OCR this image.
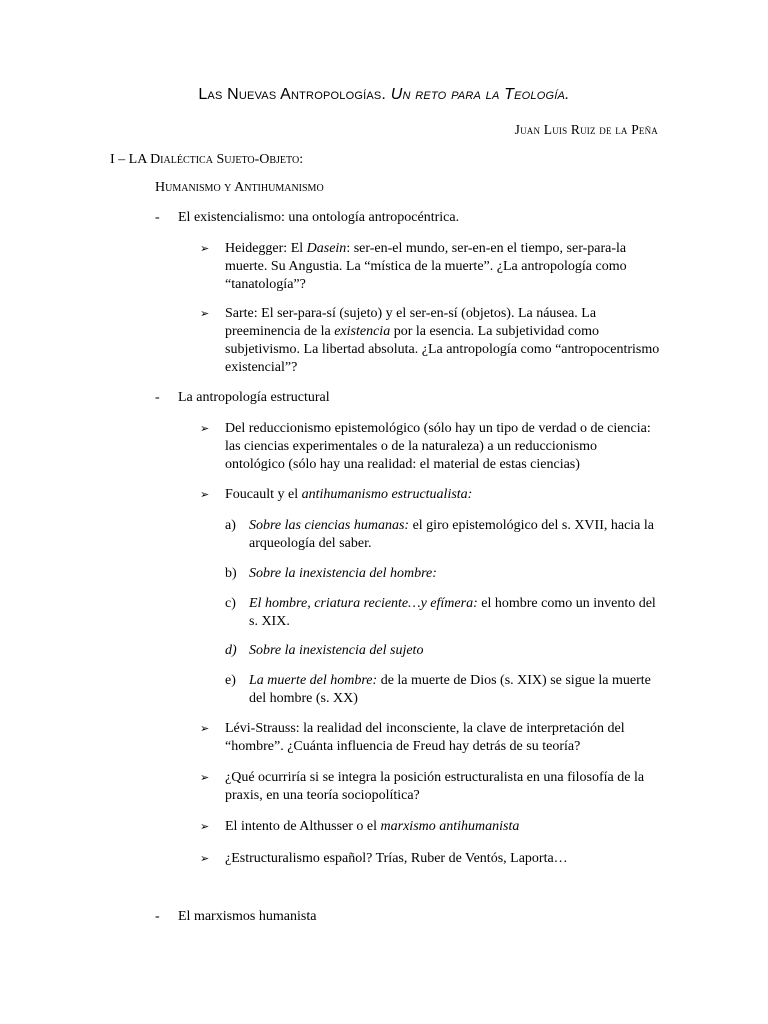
Las Nuevas Antropologías. Un reto para la Teología.
Juan Luis Ruiz de la Peña
I – LA Dialéctica Sujeto-Objeto:
Humanismo y Antihumanismo
- El existencialismo: una ontología antropocéntrica.
➢ Heidegger: El Dasein: ser-en-el mundo, ser-en-en el tiempo, ser-para-la muerte. Su Angustia. La “mística de la muerte”. ¿La antropología como “tanatología”?
➢ Sarte: El ser-para-sí (sujeto) y el ser-en-sí (objetos). La náusea. La preeminencia de la existencia por la esencia. La subjetividad como subjetivismo. La libertad absoluta. ¿La antropología como “antropocentrismo existencial”?
- La antropología estructural
➢ Del reduccionismo epistemológico (sólo hay un tipo de verdad o de ciencia: las ciencias experimentales o de la naturaleza) a un reduccionismo ontológico (sólo hay una realidad: el material de estas ciencias)
➢ Foucault y el antihumanismo estructualista:
a) Sobre las ciencias humanas: el giro epistemológico del s. XVII, hacia la arqueología del saber.
b) Sobre la inexistencia del hombre:
c) El hombre, criatura reciente…y efímera: el hombre como un invento del s. XIX.
d) Sobre la inexistencia del sujeto
e) La muerte del hombre: de la muerte de Dios (s. XIX) se sigue la muerte del hombre (s. XX)
➢ Lévi-Strauss: la realidad del inconsciente, la clave de interpretación del “hombre”. ¿Cuánta influencia de Freud hay detrás de su teoría?
➢ ¿Qué ocurriría si se integra la posición estructuralista en una filosofía de la praxis, en una teoría sociopolítica?
➢ El intento de Althusser o el marxismo antihumanista
➢ ¿Estructuralismo español? Trías, Ruber de Ventós, Laporta…
- El marxismos humanista
